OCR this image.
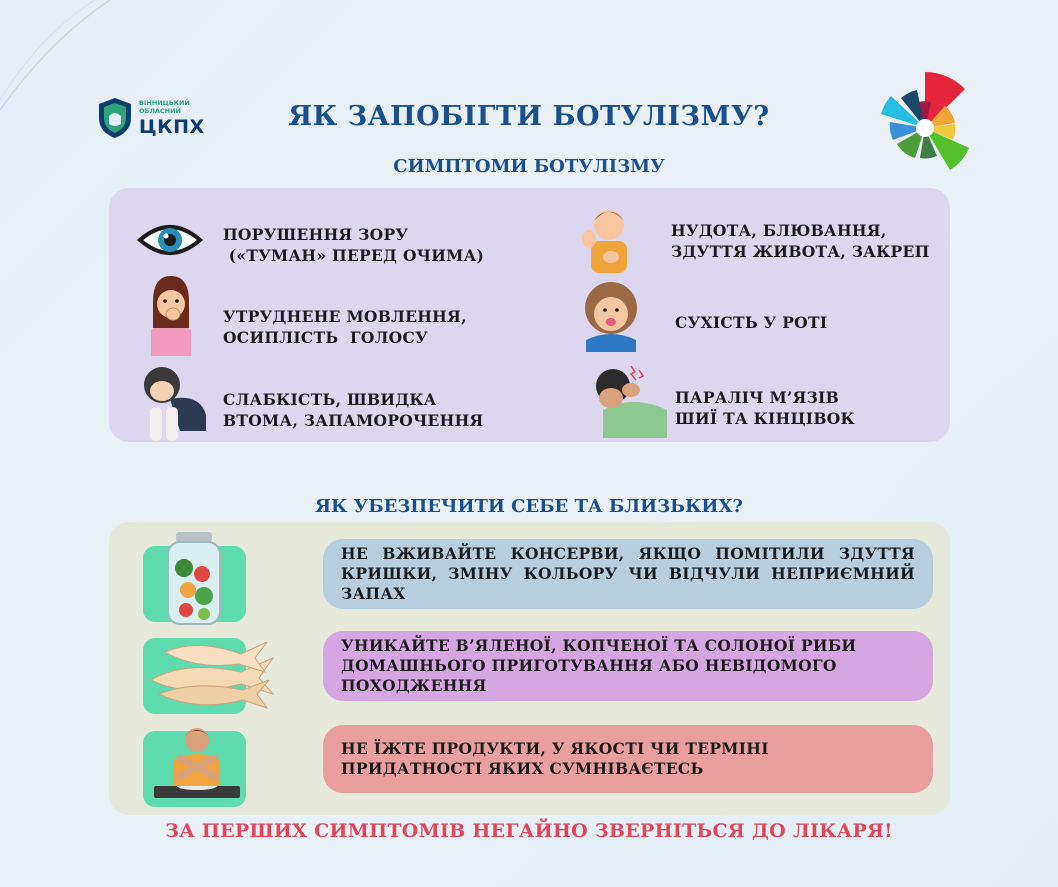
ВІННИЦЬКИЙ ОБЛАСНИЙ
ЦКПХ	ЯК ЗАПОБІГТИ БОТУЛІЗМУ?
СИМПТОМИ БОТУЛІЗМУ
ПОРУШЕННЯ ЗОРУ
(«ТУМАН» ПЕРЕД ОЧИМА)
НУДОТА, БЛЮВАННЯ,
ЗДУТТЯ ЖИВОТА, ЗАКРЕП
УТРУДНЕНЕ МОВЛЕННЯ,
ОСИПЛІСТЬ  ГОЛОСУ
СУХІСТЬ У РОТІ
СЛАБКІСТЬ, ШВИДКА
ВТОМА, ЗАПАМОРОЧЕННЯ
ПАРАЛІЧ М’ЯЗІВ
ШИЇ ТА КІНЦІВОК
ЯК УБЕЗПЕЧИТИ СЕБЕ ТА БЛИЗЬКИХ?
НЕ ВЖИВАЙТЕ КОНСЕРВИ, ЯКЩО ПОМІТИЛИ ЗДУТТЯ КРИШКИ, ЗМІНУ КОЛЬОРУ ЧИ ВІДЧУЛИ НЕПРИЄМНИЙ ЗАПАХ
УНИКАЙТЕ В’ЯЛЕНОЇ, КОПЧЕНОЇ ТА СОЛОНОЇ РИБИ ДОМАШНЬОГО ПРИГОТУВАННЯ АБО НЕВІДОМОГО ПОХОДЖЕННЯ
НЕ ЇЖТЕ ПРОДУКТИ, У ЯКОСТІ ЧИ ТЕРМІНІ ПРИДАТНОСТІ ЯКИХ СУМНІВАЄТЕСЬ
ЗА ПЕРШИХ СИМПТОМІВ НЕГАЙНО ЗВЕРНІТЬСЯ ДО ЛІКАРЯ!
